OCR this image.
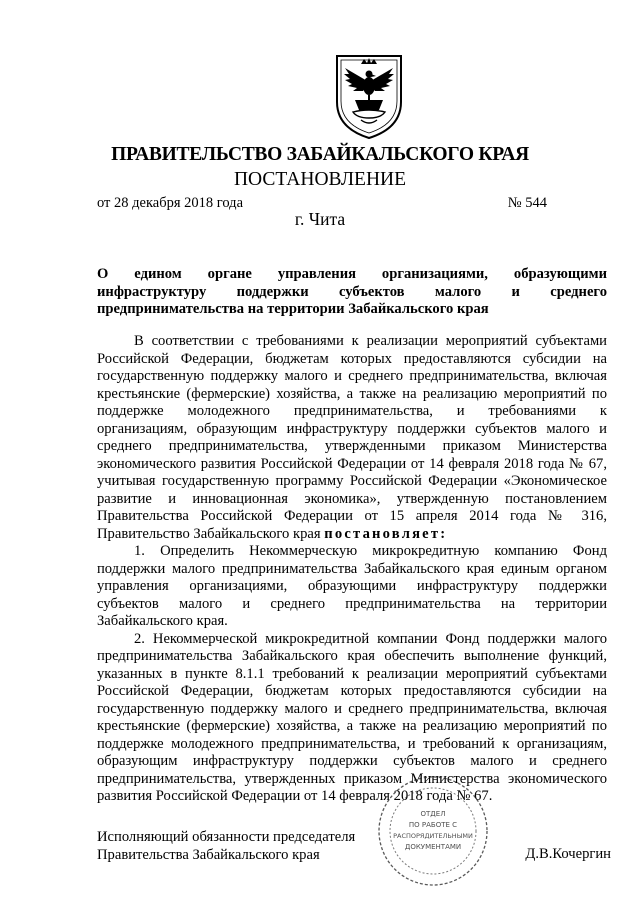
ПРАВИТЕЛЬСТВО ЗАБАЙКАЛЬСКОГО КРАЯ
ПОСТАНОВЛЕНИЕ
от 28 декабря 2018 года	№ 544
г. Чита
О едином органе управления организациями, образующими
инфраструктуру поддержки субъектов малого и среднего
предпринимательства на территории Забайкальского края

В соответствии с требованиями к реализации мероприятий субъектами

Российской Федерации, бюджетам которых предоставляются субсидии на

государственную поддержку малого и среднего предпринимательства, включая

крестьянские (фермерские) хозяйства, а также на реализацию мероприятий по

поддержке молодежного предпринимательства, и требованиями к

организациям, образующим инфраструктуру поддержки субъектов малого и

среднего предпринимательства, утвержденными приказом Министерства

экономического развития Российской Федерации от 14 февраля 2018 года № 67,

учитывая государственную программу Российской Федерации «Экономическое

развитие и инновационная экономика», утвержденную постановлением

Правительства Российской Федерации от 15 апреля 2014 года № 316,

Правительство Забайкальского края постановляет:

1. Определить Некоммерческую микрокредитную компанию Фонд

поддержки малого предпринимательства Забайкальского края единым органом

управления организациями, образующими инфраструктуру поддержки

субъектов малого и среднего предпринимательства на территории

Забайкальского края.

2. Некоммерческой микрокредитной компании Фонд поддержки малого

предпринимательства Забайкальского края обеспечить выполнение функций,

указанных в пункте 8.1.1 требований к реализации мероприятий субъектами

Российской Федерации, бюджетам которых предоставляются субсидии на

государственную поддержку малого и среднего предпринимательства, включая

крестьянские (фермерские) хозяйства, а также на реализацию мероприятий по

поддержке молодежного предпринимательства, и требований к организациям,

образующим инфраструктуру поддержки субъектов малого и среднего

предпринимательства, утвержденных приказом Министерства экономического

развития Российской Федерации от 14 февраля 2018 года № 67.

Исполняющий обязанности председателя
Правительства Забайкальского края	Д.В.Кочергин
ОТДЕЛ
ПО РАБОТЕ С
РАСПОРЯДИТЕЛЬНЫМИ
ДОКУМЕНТАМИ
